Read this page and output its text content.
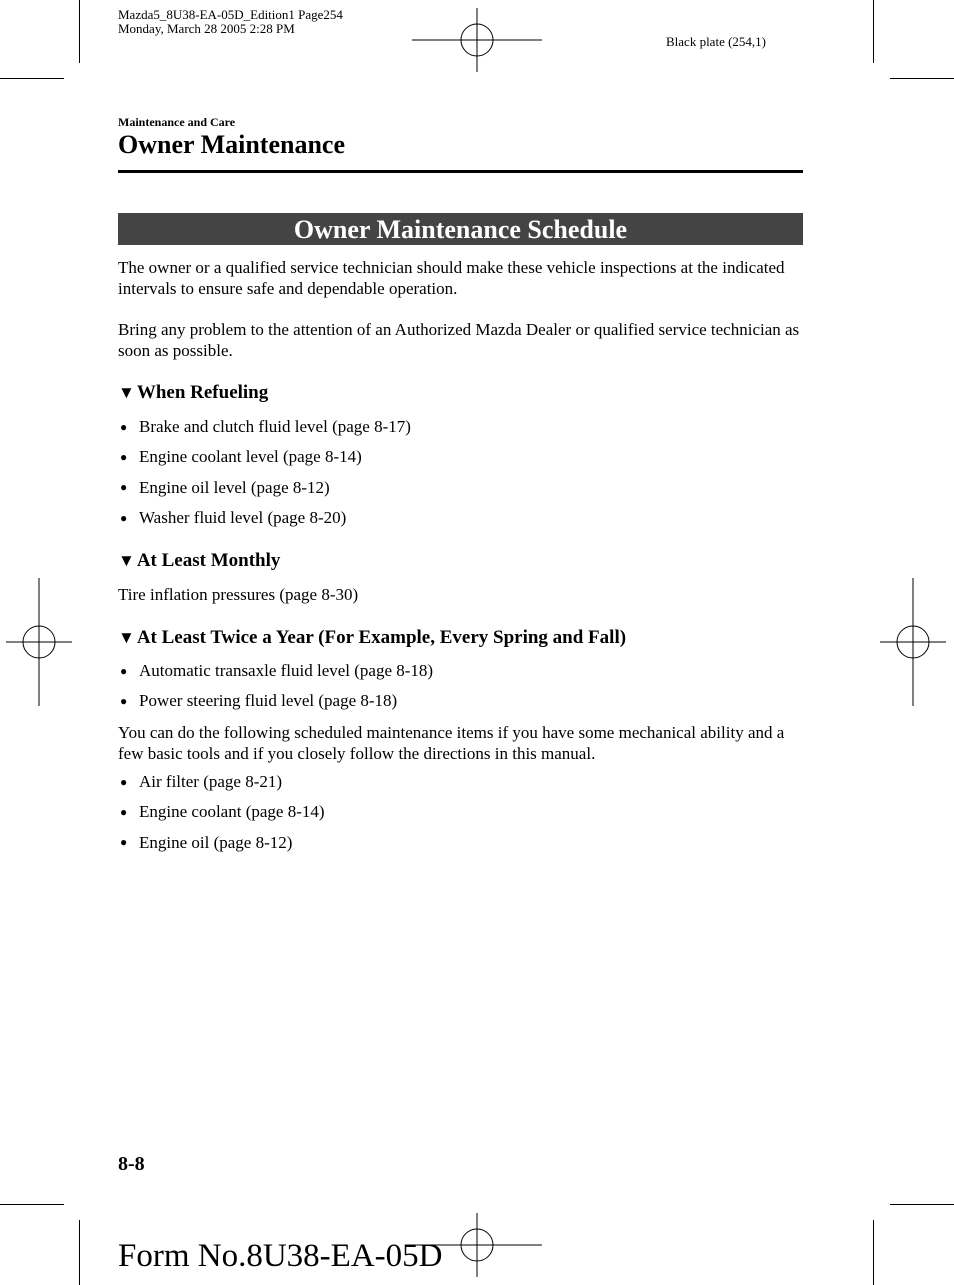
Mazda5_8U38-EA-05D_Edition1 Page254
Monday, March 28 2005 2:28 PM
Black plate (254,1)
Maintenance and Care
Owner Maintenance
Owner Maintenance Schedule
The owner or a qualified service technician should make these vehicle inspections at the indicated intervals to ensure safe and dependable operation.
Bring any problem to the attention of an Authorized Mazda Dealer or qualified service technician as soon as possible.
▼ When Refueling
● Brake and clutch fluid level (page 8-17)
● Engine coolant level (page 8-14)
● Engine oil level (page 8-12)
● Washer fluid level (page 8-20)
▼ At Least Monthly
Tire inflation pressures (page 8-30)
▼ At Least Twice a Year (For Example, Every Spring and Fall)
● Automatic transaxle fluid level (page 8-18)
● Power steering fluid level (page 8-18)
You can do the following scheduled maintenance items if you have some mechanical ability and a few basic tools and if you closely follow the directions in this manual.
● Air filter (page 8-21)
● Engine coolant (page 8-14)
● Engine oil (page 8-12)
8-8
Form No.8U38-EA-05D
